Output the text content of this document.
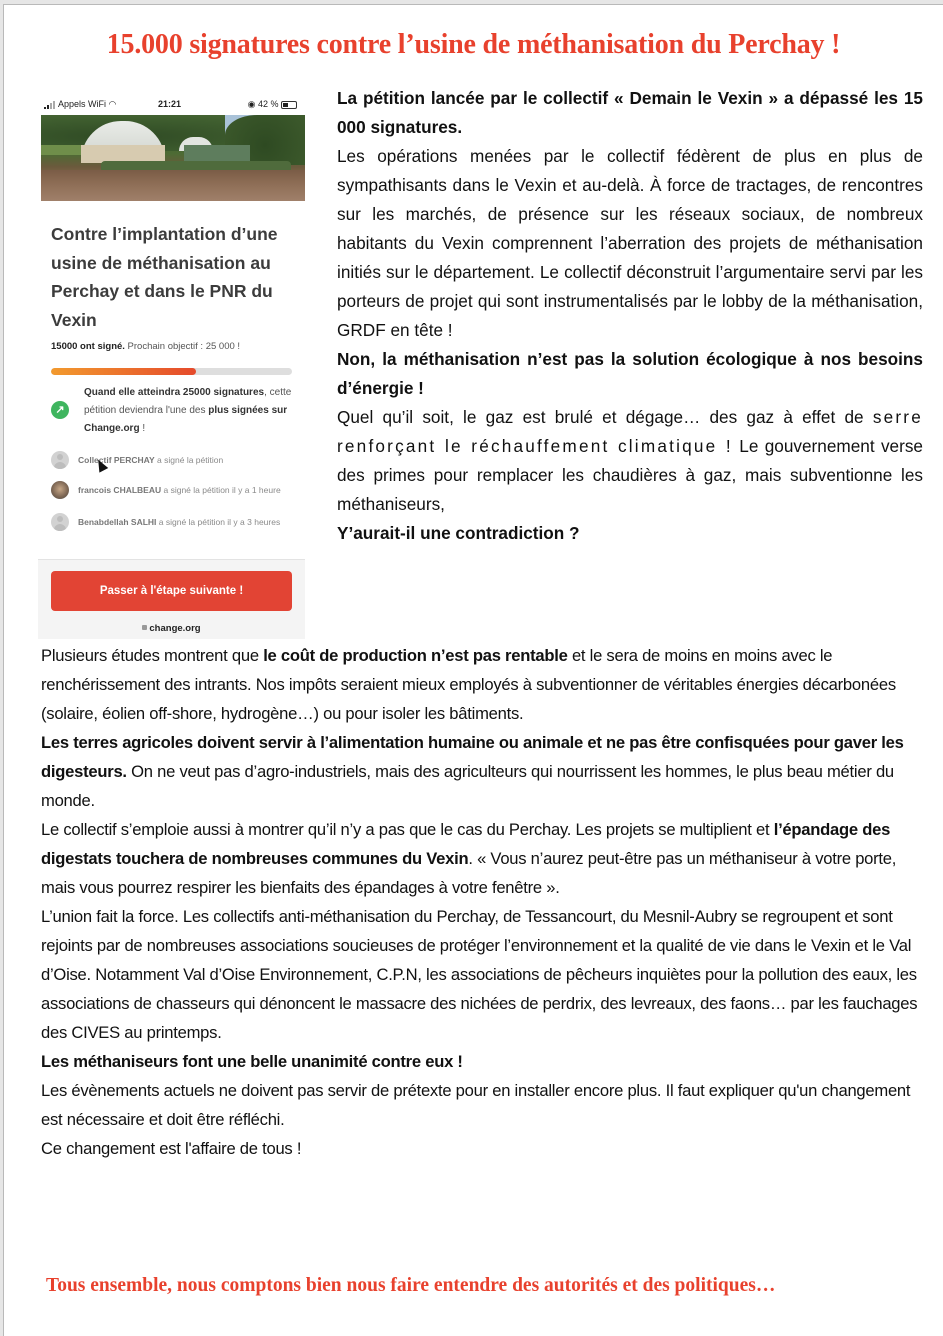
15.000 signatures contre l’usine de méthanisation du Perchay !
Appels WiFi ◠	21:21	◉ 42 %
Contre l’implantation d’une usine de méthanisation au Perchay et dans le PNR du Vexin
15000 ont signé. Prochain objectif : 25 000 !
↗
Quand elle atteindra 25000 signatures, cette pétition deviendra l'une des plus signées sur Change.org !
Collectif PERCHAY a signé la pétition
francois CHALBEAU a signé la pétition il y a 1 heure
Benabdellah SALHI a signé la pétition il y a 3 heures
Passer à l'étape suivante !
change.org

La pétition lancée par le collectif « Demain le Vexin » a dépassé les 15 000 signatures.

Les opérations menées par le collectif fédèrent de plus en plus de sympathisants dans le Vexin et au-delà. À force de tractages, de rencontres sur les marchés, de présence sur les réseaux sociaux, de nombreux habitants du Vexin comprennent l’aberration des projets de méthanisation initiés sur le département. Le collectif déconstruit l’argumentaire servi par les porteurs de projet qui sont instrumentalisés par le lobby de la méthanisation, GRDF en tête !

Non, la méthanisation n’est pas la solution écologique à nos besoins d’énergie !

Quel qu’il soit, le gaz est brulé et dégage… des gaz à effet de serre renforçant le réchauffement climatique ! Le gouvernement verse des primes pour remplacer les chaudières à gaz, mais subventionne les méthaniseurs,

Y’aurait-il une contradiction ?

Plusieurs études montrent que le coût de production n’est pas rentable et le sera de moins en moins avec le renchérissement des intrants. Nos impôts seraient mieux employés à subventionner de véritables énergies décarbonées (solaire, éolien off-shore, hydrogène…) ou pour isoler les bâtiments.

Les terres agricoles doivent servir à l’alimentation humaine ou animale et ne pas être confisquées pour gaver les digesteurs. On ne veut pas d’agro-industriels, mais des agriculteurs qui nourrissent les hommes, le plus beau métier du monde.

Le collectif s’emploie aussi à montrer qu’il n’y a pas que le cas du Perchay. Les projets se multiplient et l’épandage des digestats touchera de nombreuses communes du Vexin. « Vous n’aurez peut-être pas un méthaniseur à votre porte, mais vous pourrez respirer les bienfaits des épandages à votre fenêtre ».

L’union fait la force. Les collectifs anti-méthanisation du Perchay, de Tessancourt, du Mesnil-Aubry se regroupent et sont rejoints par de nombreuses associations soucieuses de protéger l’environnement et la qualité de vie dans le Vexin et le Val d’Oise. Notamment Val d’Oise Environnement, C.P.N, les associations de pêcheurs inquiètes pour la pollution des eaux, les associations de chasseurs qui dénoncent le massacre des nichées de perdrix, des levreaux, des faons… par les fauchages des CIVES au printemps.

Les méthaniseurs font une belle unanimité contre eux !

Les évènements actuels ne doivent pas servir de prétexte pour en installer encore plus. Il faut expliquer qu'un changement est nécessaire et doit être réfléchi.

Ce changement est l'affaire de tous !

Tous ensemble, nous comptons bien nous faire entendre des autorités et des politiques…
